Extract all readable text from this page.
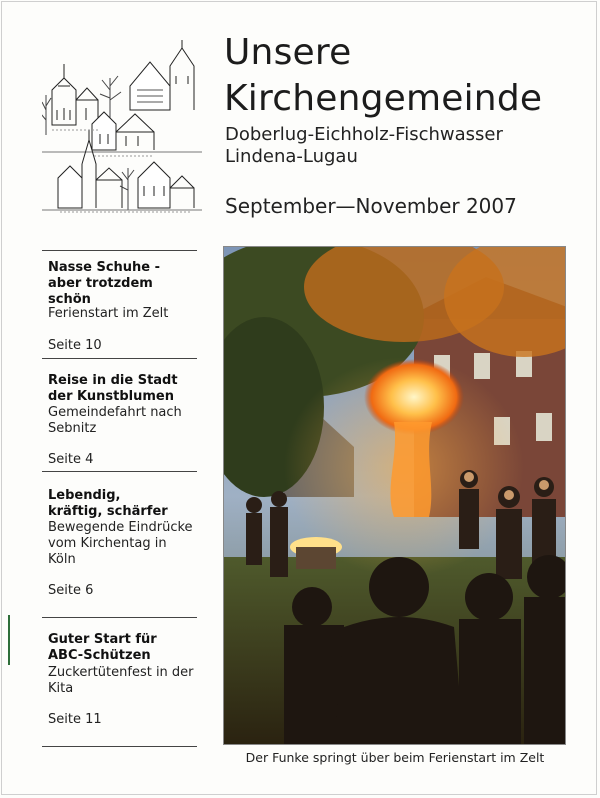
Unsere
Kirchengemeinde
Doberlug-Eichholz-Fischwasser
Lindena-Lugau
September—November 2007
Nasse Schuhe -
aber trotzdem
schön
Ferienstart im Zelt
Seite 10
Reise in die Stadt
der Kunstblumen
Gemeindefahrt nach
Sebnitz
Seite 4
Lebendig,
kräftig, schärfer
Bewegende Eindrücke
vom Kirchentag in
Köln
Seite 6
Guter Start für
ABC-Schützen
Zuckertütenfest in der
Kita
Seite 11
Der Funke springt über beim Ferienstart im Zelt
